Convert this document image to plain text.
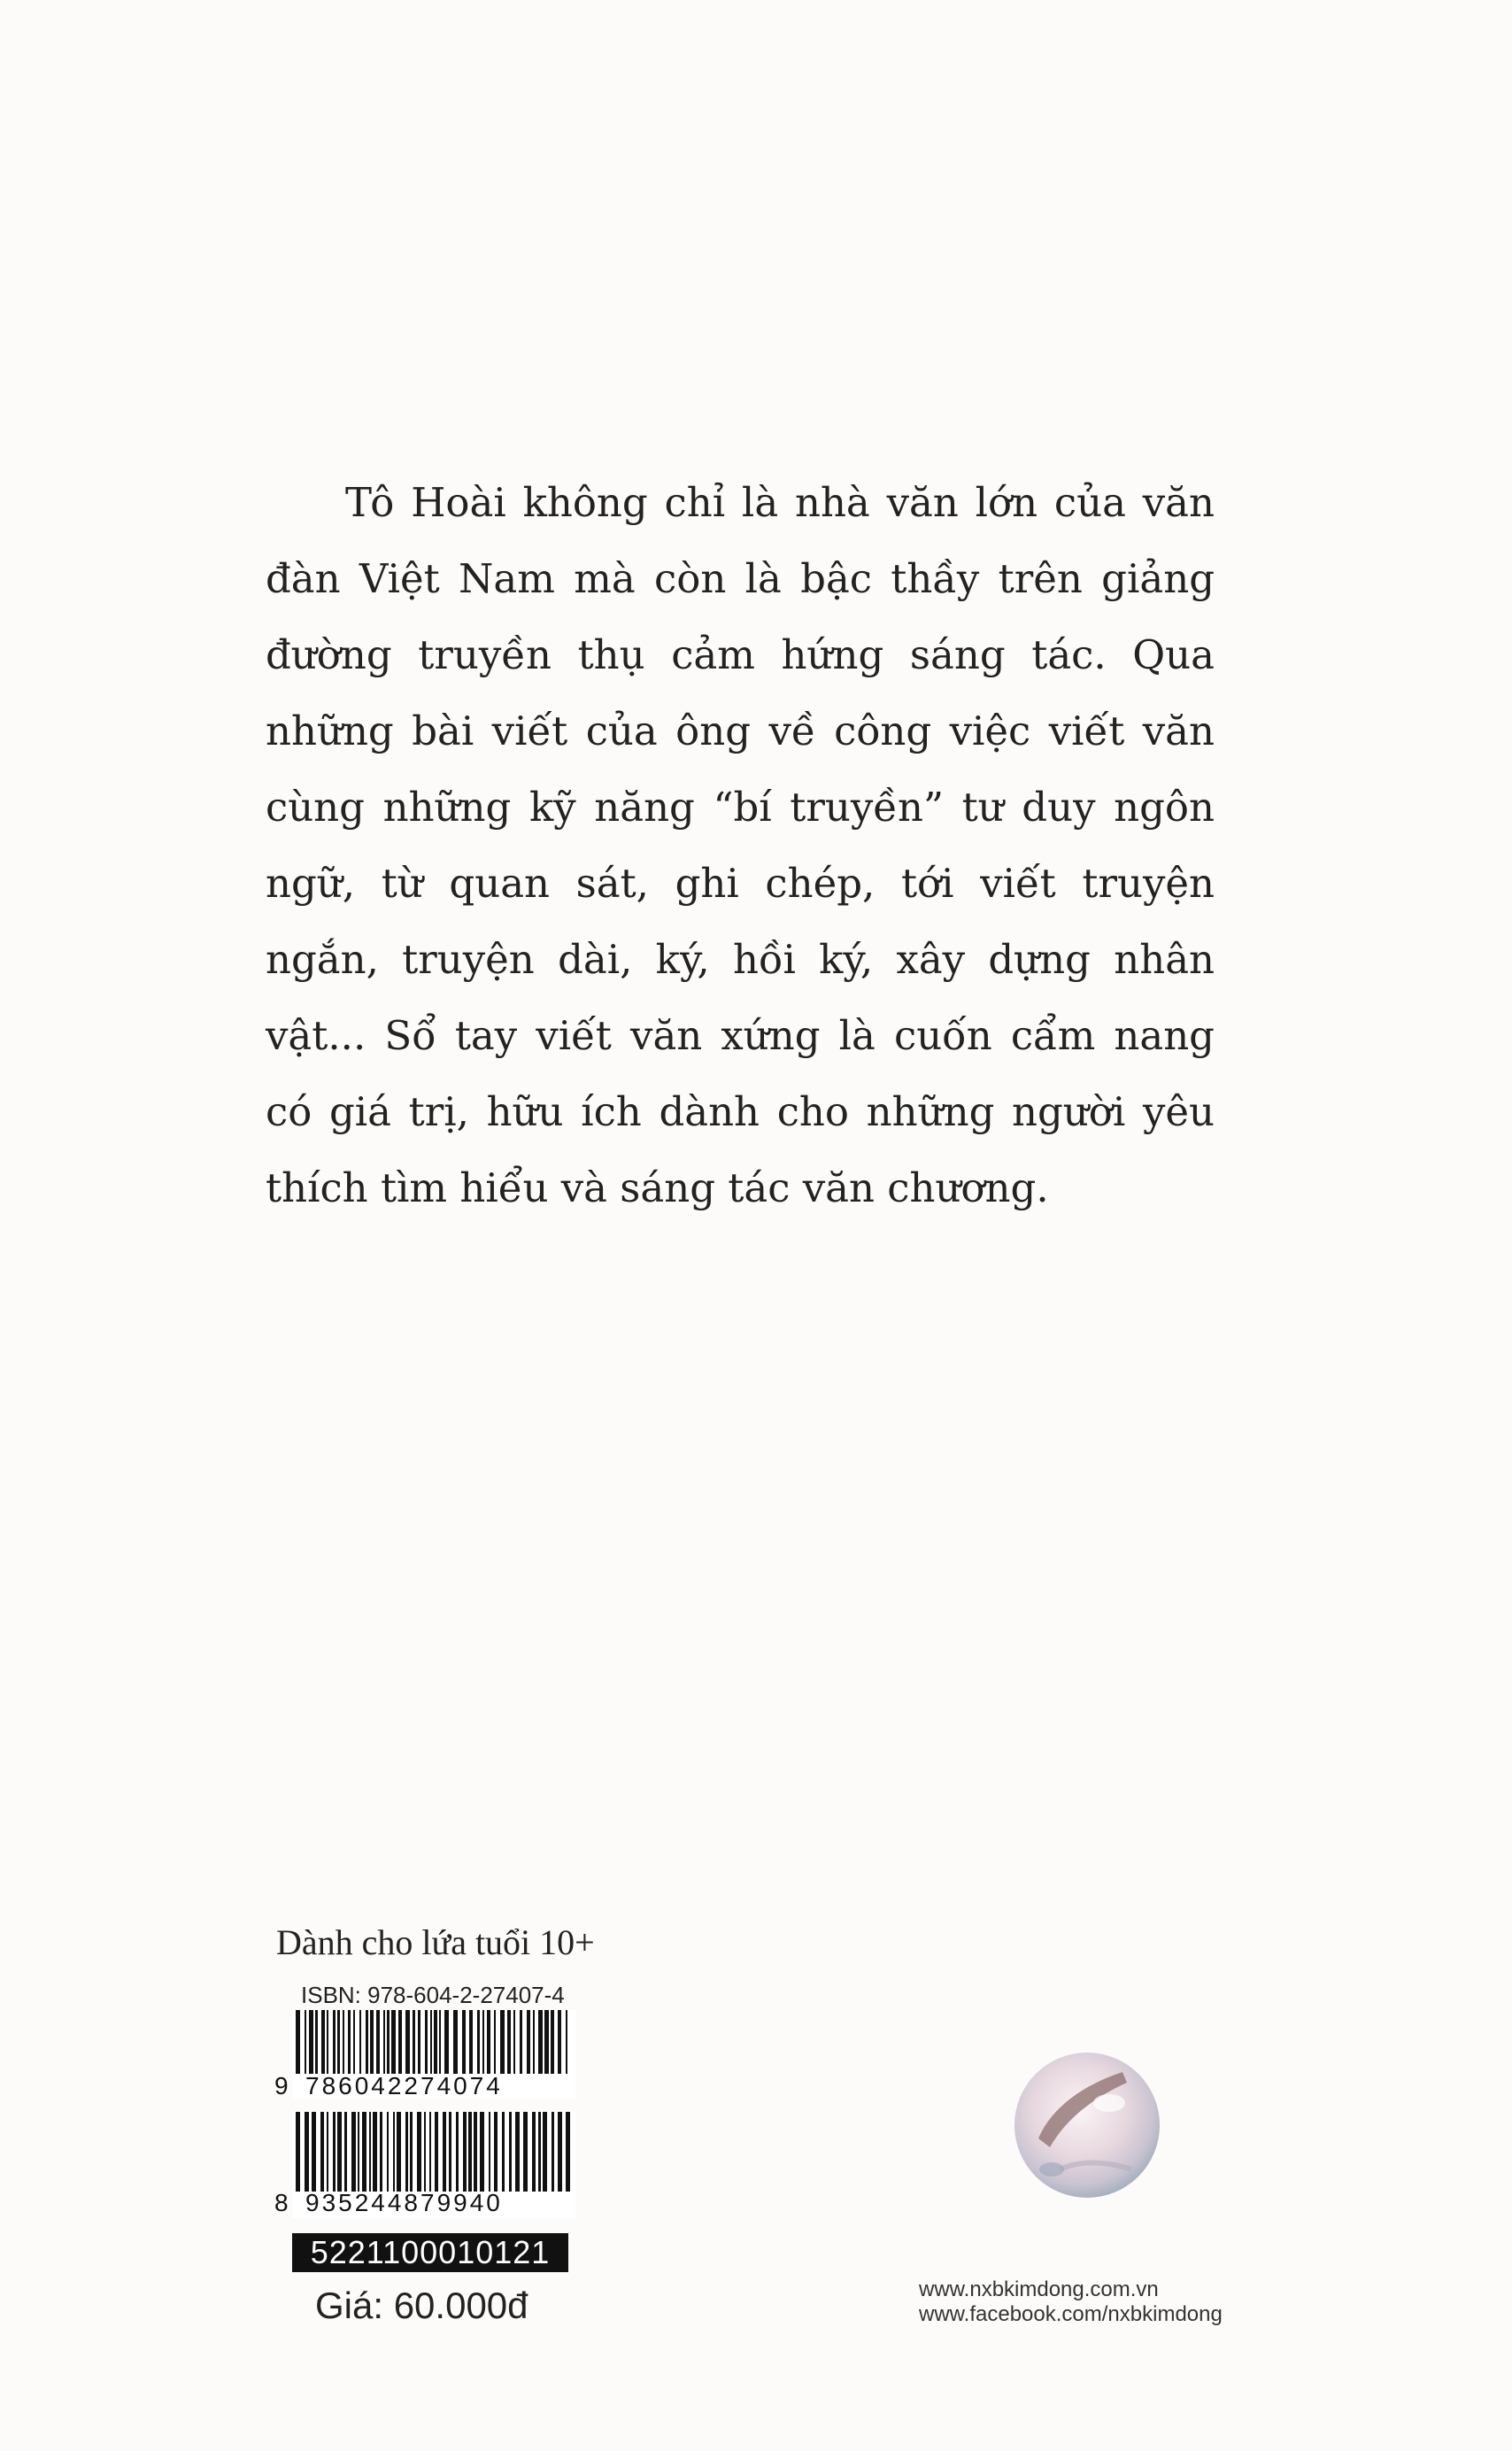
Tô Hoài không chỉ là nhà văn lớn của văn đàn Việt Nam mà còn là bậc thầy trên giảng đường truyền thụ cảm hứng sáng tác. Qua những bài viết của ông về công việc viết văn cùng những kỹ năng “bí truyền” tư duy ngôn ngữ, từ quan sát, ghi chép, tới viết truyện ngắn, truyện dài, ký, hồi ký, xây dựng nhân vật... Sổ tay viết văn xứng là cuốn cẩm nang có giá trị, hữu ích dành cho những người yêu thích tìm hiểu và sáng tác văn chương.

Dành cho lứa tuổi 10+
ISBN: 978-604-2-27407-4
9 786042274074
8 935244879940
5221100010121
Giá: 60.000đ	www.nxbkimdong.com.vn
www.facebook.com/nxbkimdong
